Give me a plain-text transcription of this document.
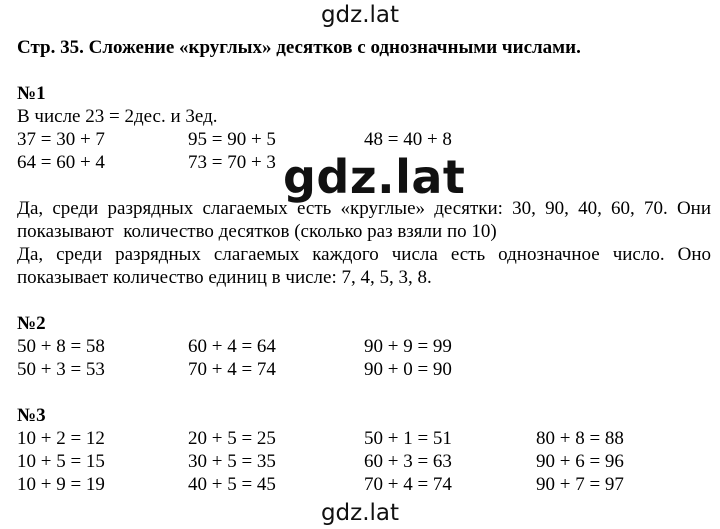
gdz.lat
gdz.lat
gdz.lat

Стр. 35. Сложение «круглых» десятков с однозначными числами.

№1

В числе 23 = 2дес. и 3ед.

37 = 30 + 7	95 = 90 + 5	48 = 40 + 8
64 = 60 + 4	73 = 70 + 3

Да, среди разрядных слагаемых есть «круглые» десятки: 30, 90, 40, 60, 70. Они

показывают  количество десятков (сколько раз взяли по 10)

Да, среди разрядных слагаемых каждого числа есть однозначное число. Оно

показывает количество единиц в числе: 7, 4, 5, 3, 8.

№2

50 + 8 = 58	60 + 4 = 64	90 + 9 = 99
50 + 3 = 53	70 + 4 = 74	90 + 0 = 90

№3

10 + 2 = 12	20 + 5 = 25	50 + 1 = 51	80 + 8 = 88
10 + 5 = 15	30 + 5 = 35	60 + 3 = 63	90 + 6 = 96
10 + 9 = 19	40 + 5 = 45	70 + 4 = 74	90 + 7 = 97
